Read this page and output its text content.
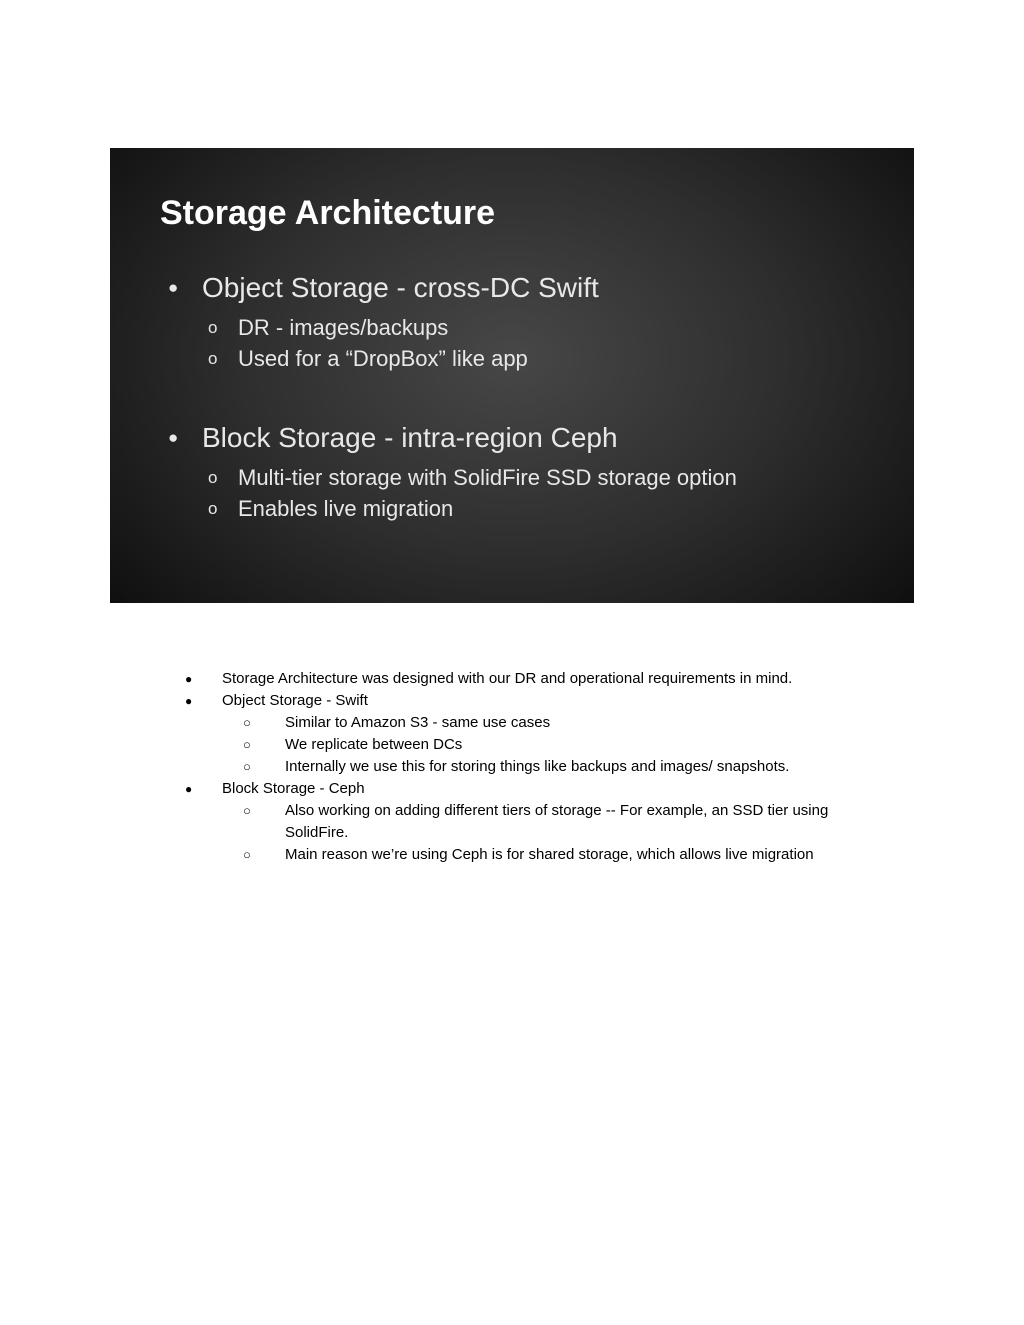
Storage Architecture
● Object Storage - cross-DC Swift
o DR - images/backups
o Used for a “DropBox” like app
● Block Storage - intra-region Ceph
o Multi-tier storage with SolidFire SSD storage option
o Enables live migration
●	Storage Architecture was designed with our DR and operational requirements in mind.
●	Object Storage - Swift
○	Similar to Amazon S3 - same use cases
○	We replicate between DCs
○	Internally we use this for storing things like backups and images/ snapshots.
●	Block Storage - Ceph
○	Also working on adding different tiers of storage -- For example, an SSD tier using SolidFire.
○	Main reason we’re using Ceph is for shared storage, which allows live migration
